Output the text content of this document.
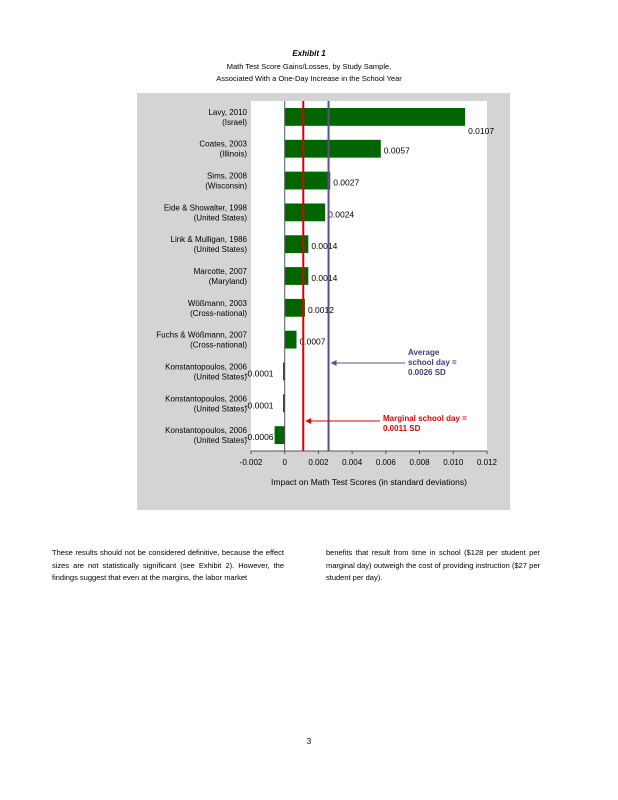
Exhibit 1
Math Test Score Gains/Losses, by Study Sample,
Associated With a One-Day Increase in the School Year
Lavy, 2010
(Israel)
0.0107
Coates, 2003
(Illinois)	0.0057
Sims, 2008
(Wisconsin)	0.0027
Eide & Showalter, 1998
(United States)	0.0024
Link & Mulligan, 1986
(United States)	0.0014
Marcotte, 2007
(Maryland)	0.0014
Wößmann, 2003
(Cross-national)	0.0012
Fuchs & Wößmann, 2007
(Cross-national)	0.0007
Konstantopoulos, 2006
(United States)
-0.0001
Konstantopoulos, 2006
(United States)
-0.0001
Konstantopoulos, 2006
(United States)
-0.0006
-0.002	0	0.002 0.004 0.006 0.008 0.010 0.012
Impact on Math Test Scores (in standard deviations)
Average
school day =
0.0026 SD
Marginal school day =
0.0011 SD
These results should not be considered definitive, because the effect sizes are not statistically significant (see Exhibit 2). However, the findings suggest that even at the margins, the labor market
benefits that result from time in school ($128 per student per marginal day) outweigh the cost of providing instruction ($27 per student per day).
3
